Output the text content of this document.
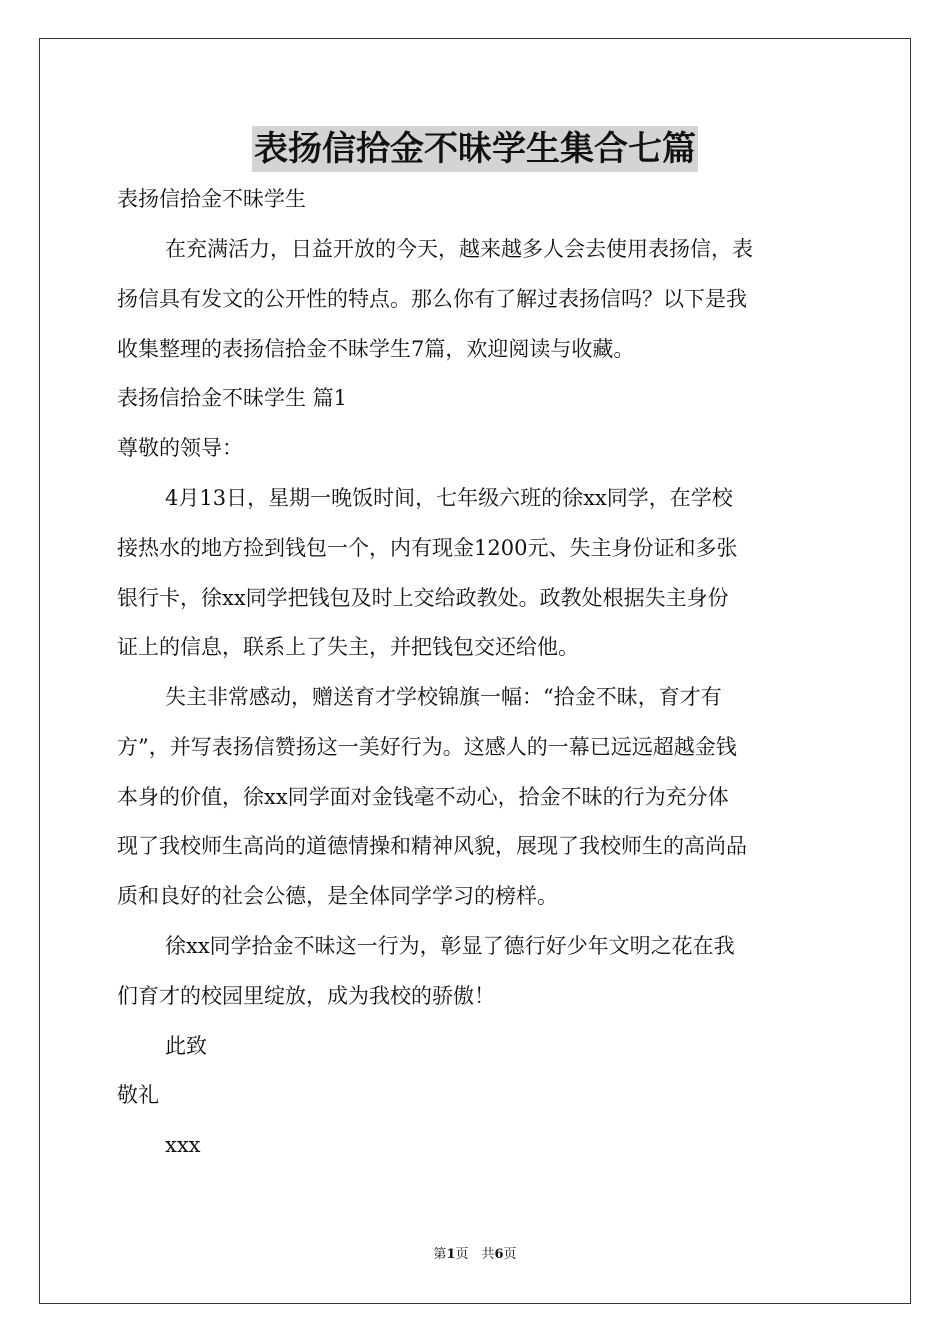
表扬信拾金不昧学生集合七篇
表扬信拾金不昧学生
在充满活力，日益开放的今天，越来越多人会去使用表扬信，表
扬信具有发文的公开性的特点。那么你有了解过表扬信吗？以下是我
收集整理的表扬信拾金不昧学生7篇，欢迎阅读与收藏。
表扬信拾金不昧学生 篇1
尊敬的领导：
4月13日，星期一晚饭时间，七年级六班的徐xx同学，在学校
接热水的地方捡到钱包一个，内有现金1200元、失主身份证和多张
银行卡，徐xx同学把钱包及时上交给政教处。政教处根据失主身份
证上的信息，联系上了失主，并把钱包交还给他。
失主非常感动，赠送育才学校锦旗一幅：“拾金不昧，育才有
方”，并写表扬信赞扬这一美好行为。这感人的一幕已远远超越金钱
本身的价值，徐xx同学面对金钱毫不动心，拾金不昧的行为充分体
现了我校师生高尚的道德情操和精神风貌，展现了我校师生的高尚品
质和良好的社会公德，是全体同学学习的榜样。
徐xx同学拾金不昧这一行为，彰显了德行好少年文明之花在我
们育才的校园里绽放，成为我校的骄傲！
此致
敬礼
xxx
第1页　共6页
